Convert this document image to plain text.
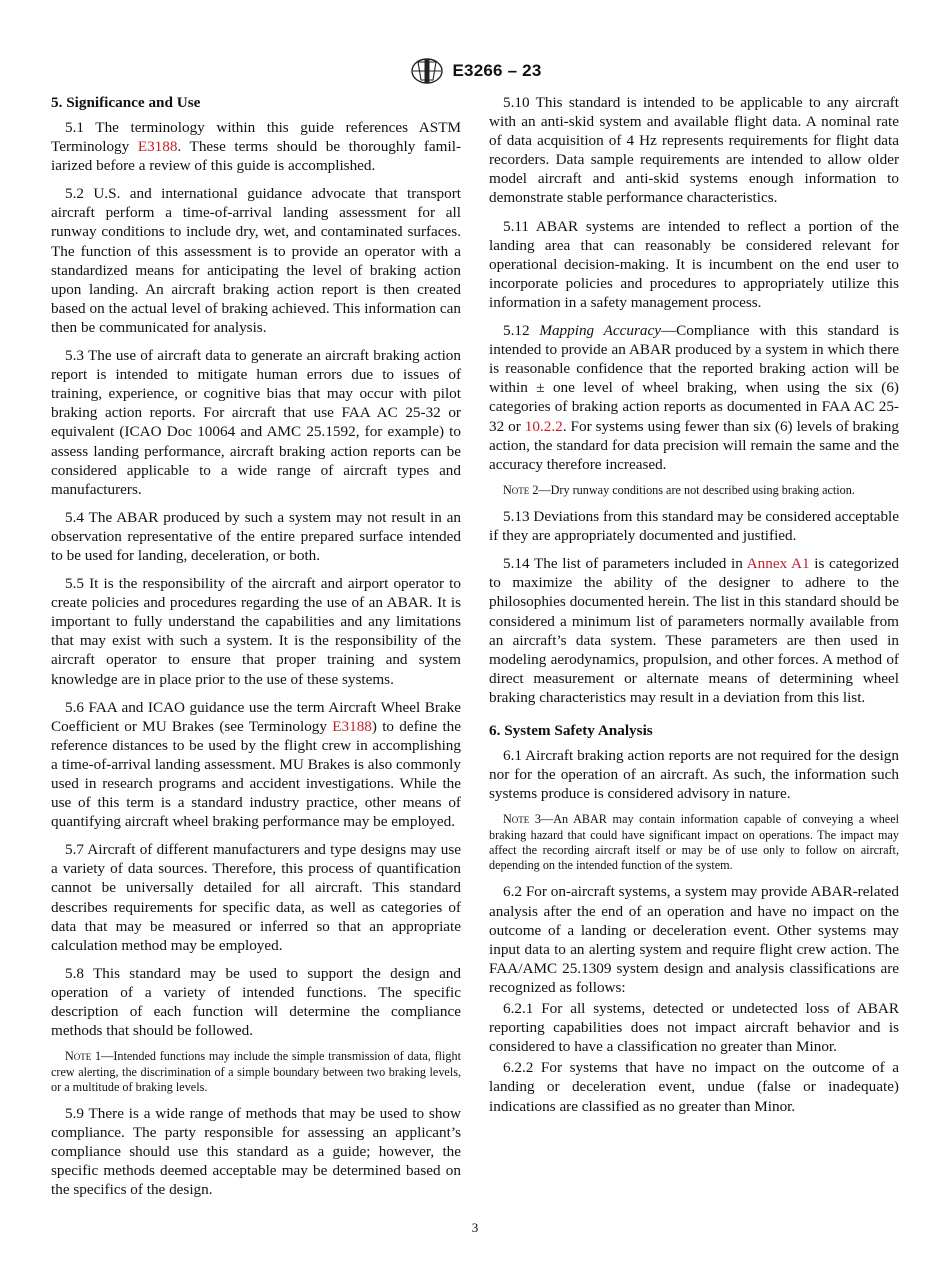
E3266 – 23
5. Significance and Use

5.1 The terminology within this guide references ASTM Terminology E3188. These terms should be thoroughly familiarized before a review of this guide is accomplished.

5.2 U.S. and international guidance advocate that transport aircraft perform a time-of-arrival landing assessment for all runway conditions to include dry, wet, and contaminated surfaces. The function of this assessment is to provide an operator with a standardized means for anticipating the level of braking action upon landing. An aircraft braking action report is then created based on the actual level of braking achieved. This information can then be communicated for analysis.

5.3 The use of aircraft data to generate an aircraft braking action report is intended to mitigate human errors due to issues of training, experience, or cognitive bias that may occur with pilot braking action reports. For aircraft that use FAA AC 25-32 or equivalent (ICAO Doc 10064 and AMC 25.1592, for example) to assess landing performance, aircraft braking action reports can be considered applicable to a wide range of aircraft types and manufacturers.

5.4 The ABAR produced by such a system may not result in an observation representative of the entire prepared surface intended to be used for landing, deceleration, or both.

5.5 It is the responsibility of the aircraft and airport operator to create policies and procedures regarding the use of an ABAR. It is important to fully understand the capabilities and any limitations that may exist with such a system. It is the responsibility of the aircraft operator to ensure that proper training and system knowledge are in place prior to the use of these systems.

5.6 FAA and ICAO guidance use the term Aircraft Wheel Brake Coefficient or MU Brakes (see Terminology E3188) to define the reference distances to be used by the flight crew in accomplishing a time-of-arrival landing assessment. MU Brakes is also commonly used in research programs and accident investigations. While the use of this term is a standard industry practice, other means of quantifying aircraft wheel braking performance may be employed.

5.7 Aircraft of different manufacturers and type designs may use a variety of data sources. Therefore, this process of quantification cannot be universally detailed for all aircraft. This standard describes requirements for specific data, as well as categories of data that may be measured or inferred so that an appropriate calculation method may be employed.

5.8 This standard may be used to support the design and operation of a variety of intended functions. The specific description of each function will determine the compliance methods that should be followed.

Note 1—Intended functions may include the simple transmission of data, flight crew alerting, the discrimination of a simple boundary between two braking levels, or a multitude of braking levels.

5.9 There is a wide range of methods that may be used to show compliance. The party responsible for assessing an applicant’s compliance should use this standard as a guide; however, the specific methods deemed acceptable may be determined based on the specifics of the design.

5.10 This standard is intended to be applicable to any aircraft with an anti-skid system and available flight data. A nominal rate of data acquisition of 4 Hz represents requirements for flight data recorders. Data sample requirements are intended to allow older model aircraft and anti-skid systems enough information to demonstrate stable performance characteristics.

5.11 ABAR systems are intended to reflect a portion of the landing area that can reasonably be considered relevant for operational decision-making. It is incumbent on the end user to incorporate policies and procedures to appropriately utilize this information in a safety management process.

5.12 Mapping Accuracy—Compliance with this standard is intended to provide an ABAR produced by a system in which there is reasonable confidence that the reported braking action will be within ± one level of wheel braking, when using the six (6) categories of braking action reports as documented in FAA AC 25-32 or 10.2.2. For systems using fewer than six (6) levels of braking action, the standard for data precision will remain the same and the accuracy therefore increased.

Note 2—Dry runway conditions are not described using braking action.

5.13 Deviations from this standard may be considered acceptable if they are appropriately documented and justified.

5.14 The list of parameters included in Annex A1 is categorized to maximize the ability of the designer to adhere to the philosophies documented herein. The list in this standard should be considered a minimum list of parameters normally available from an aircraft’s data system. These parameters are then used in modeling aerodynamics, propulsion, and other forces. A method of direct measurement or alternate means of determining wheel braking characteristics may result in a deviation from this list.

6. System Safety Analysis

6.1 Aircraft braking action reports are not required for the design nor for the operation of an aircraft. As such, the information such systems produce is considered advisory in nature.

Note 3—An ABAR may contain information capable of conveying a wheel braking hazard that could have significant impact on operations. The impact may affect the recording aircraft itself or may be of use only to follow on aircraft, depending on the intended function of the system.

6.2 For on-aircraft systems, a system may provide ABAR-related analysis after the end of an operation and have no impact on the outcome of a landing or deceleration event. Other systems may input data to an alerting system and require flight crew action. The FAA/AMC 25.1309 system design and analysis classifications are recognized as follows:

6.2.1 For all systems, detected or undetected loss of ABAR reporting capabilities does not impact aircraft behavior and is considered to have a classification no greater than Minor.

6.2.2 For systems that have no impact on the outcome of a landing or deceleration event, undue (false or inadequate) indications are classified as no greater than Minor.

3
